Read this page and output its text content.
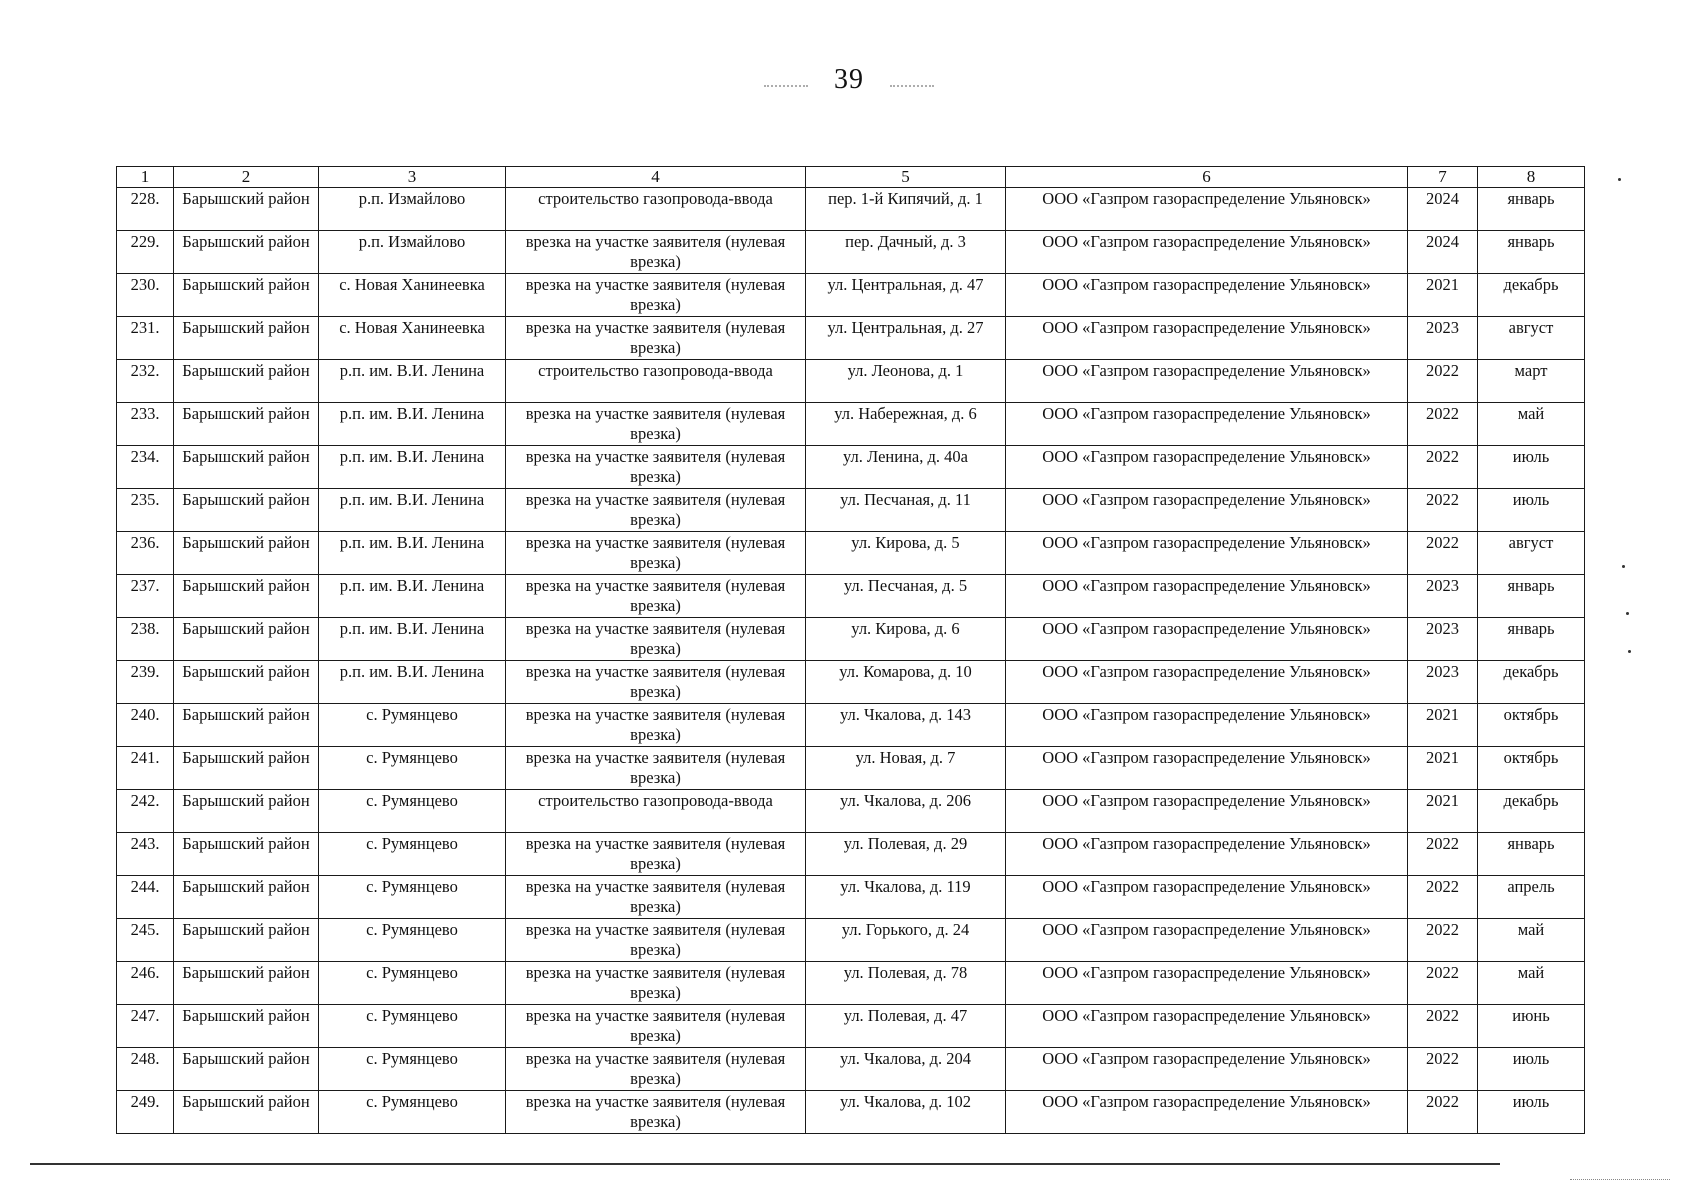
39
1	2	3	4	5	6	7	8
228.	Барышский район	р.п. Измайлово	строительство газопровода-ввода	пер. 1-й Кипячий, д. 1	ООО «Газпром газораспределение Ульяновск»	2024	январь
229.	Барышский район	р.п. Измайлово	врезка на участке заявителя (нулевая врезка)	пер. Дачный, д. 3	ООО «Газпром газораспределение Ульяновск»	2024	январь
230.	Барышский район	с. Новая Ханинеевка	врезка на участке заявителя (нулевая врезка)	ул. Центральная, д. 47	ООО «Газпром газораспределение Ульяновск»	2021	декабрь
231.	Барышский район	с. Новая Ханинеевка	врезка на участке заявителя (нулевая врезка)	ул. Центральная, д. 27	ООО «Газпром газораспределение Ульяновск»	2023	август
232.	Барышский район	р.п. им. В.И. Ленина	строительство газопровода-ввода	ул. Леонова, д. 1	ООО «Газпром газораспределение Ульяновск»	2022	март
233.	Барышский район	р.п. им. В.И. Ленина	врезка на участке заявителя (нулевая врезка)	ул. Набережная, д. 6	ООО «Газпром газораспределение Ульяновск»	2022	май
234.	Барышский район	р.п. им. В.И. Ленина	врезка на участке заявителя (нулевая врезка)	ул. Ленина, д. 40а	ООО «Газпром газораспределение Ульяновск»	2022	июль
235.	Барышский район	р.п. им. В.И. Ленина	врезка на участке заявителя (нулевая врезка)	ул. Песчаная, д. 11	ООО «Газпром газораспределение Ульяновск»	2022	июль
236.	Барышский район	р.п. им. В.И. Ленина	врезка на участке заявителя (нулевая врезка)	ул. Кирова, д. 5	ООО «Газпром газораспределение Ульяновск»	2022	август
237.	Барышский район	р.п. им. В.И. Ленина	врезка на участке заявителя (нулевая врезка)	ул. Песчаная, д. 5	ООО «Газпром газораспределение Ульяновск»	2023	январь
238.	Барышский район	р.п. им. В.И. Ленина	врезка на участке заявителя (нулевая врезка)	ул. Кирова, д. 6	ООО «Газпром газораспределение Ульяновск»	2023	январь
239.	Барышский район	р.п. им. В.И. Ленина	врезка на участке заявителя (нулевая врезка)	ул. Комарова, д. 10	ООО «Газпром газораспределение Ульяновск»	2023	декабрь
240.	Барышский район	с. Румянцево	врезка на участке заявителя (нулевая врезка)	ул. Чкалова, д. 143	ООО «Газпром газораспределение Ульяновск»	2021	октябрь
241.	Барышский район	с. Румянцево	врезка на участке заявителя (нулевая врезка)	ул. Новая, д. 7	ООО «Газпром газораспределение Ульяновск»	2021	октябрь
242.	Барышский район	с. Румянцево	строительство газопровода-ввода	ул. Чкалова, д. 206	ООО «Газпром газораспределение Ульяновск»	2021	декабрь
243.	Барышский район	с. Румянцево	врезка на участке заявителя (нулевая врезка)	ул. Полевая, д. 29	ООО «Газпром газораспределение Ульяновск»	2022	январь
244.	Барышский район	с. Румянцево	врезка на участке заявителя (нулевая врезка)	ул. Чкалова, д. 119	ООО «Газпром газораспределение Ульяновск»	2022	апрель
245.	Барышский район	с. Румянцево	врезка на участке заявителя (нулевая врезка)	ул. Горького, д. 24	ООО «Газпром газораспределение Ульяновск»	2022	май
246.	Барышский район	с. Румянцево	врезка на участке заявителя (нулевая врезка)	ул. Полевая, д. 78	ООО «Газпром газораспределение Ульяновск»	2022	май
247.	Барышский район	с. Румянцево	врезка на участке заявителя (нулевая врезка)	ул. Полевая, д. 47	ООО «Газпром газораспределение Ульяновск»	2022	июнь
248.	Барышский район	с. Румянцево	врезка на участке заявителя (нулевая врезка)	ул. Чкалова, д. 204	ООО «Газпром газораспределение Ульяновск»	2022	июль
249.	Барышский район	с. Румянцево	врезка на участке заявителя (нулевая врезка)	ул. Чкалова, д. 102	ООО «Газпром газораспределение Ульяновск»	2022	июль
